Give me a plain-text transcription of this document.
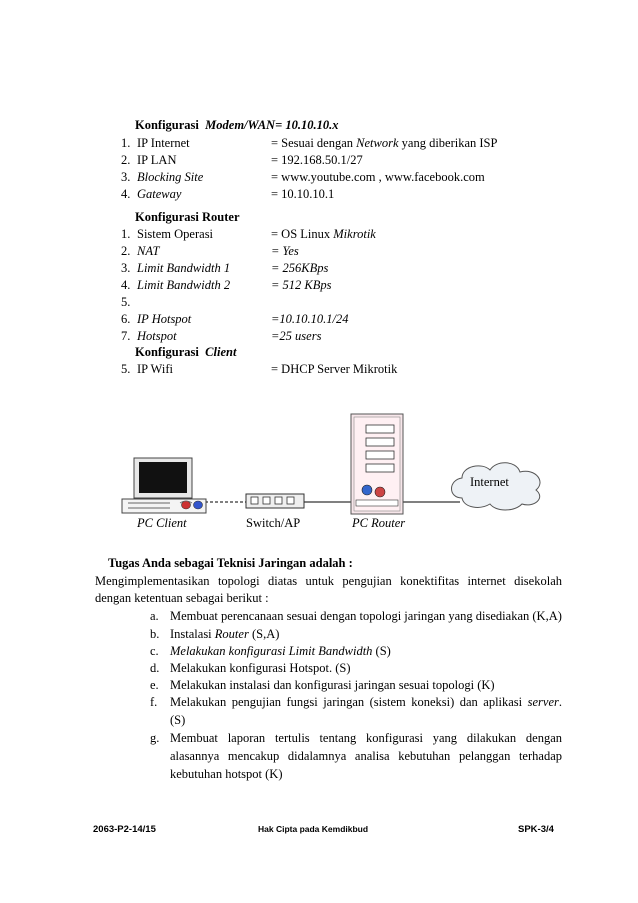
Konfigurasi Modem/WAN= 10.10.10.x
1. IP Internet	= Sesuai dengan Network yang diberikan ISP
2. IP LAN	= 192.168.50.1/27
3. Blocking Site	= www.youtube.com , www.facebook.com
4. Gateway	= 10.10.10.1
Konfigurasi Router
1. Sistem Operasi	= OS Linux Mikrotik
2. NAT	= Yes
3. Limit Bandwidth 1	= 256KBps
4. Limit Bandwidth 2	= 512 KBps
5.
6. IP Hotspot	=10.10.10.1/24
7. Hotspot	=25 users
Konfigurasi Client
5. IP Wifi	= DHCP Server Mikrotik
Internet
PC Client	Switch/AP	PC Router
Tugas Anda sebagai Teknisi Jaringan adalah :
Mengimplementasikan topologi diatas untuk pengujian konektifitas internet disekolah
dengan ketentuan sebagai berikut :
a. Membuat perencanaan sesuai dengan topologi jaringan yang disediakan (K,A)
b. Instalasi Router (S,A)
c. Melakukan konfigurasi Limit Bandwidth (S)
d. Melakukan konfigurasi Hotspot. (S)
e. Melakukan instalasi dan konfigurasi jaringan sesuai topologi (K)
f.	Melakukan pengujian fungsi jaringan (sistem koneksi) dan aplikasi server.
(S)
g. Membuat laporan tertulis tentang konfigurasi yang dilakukan dengan
alasannya mencakup didalamnya analisa kebutuhan pelanggan terhadap
kebutuhan hotspot (K)
2063-P2-14/15	Hak Cipta pada Kemdikbud	SPK-3/4
